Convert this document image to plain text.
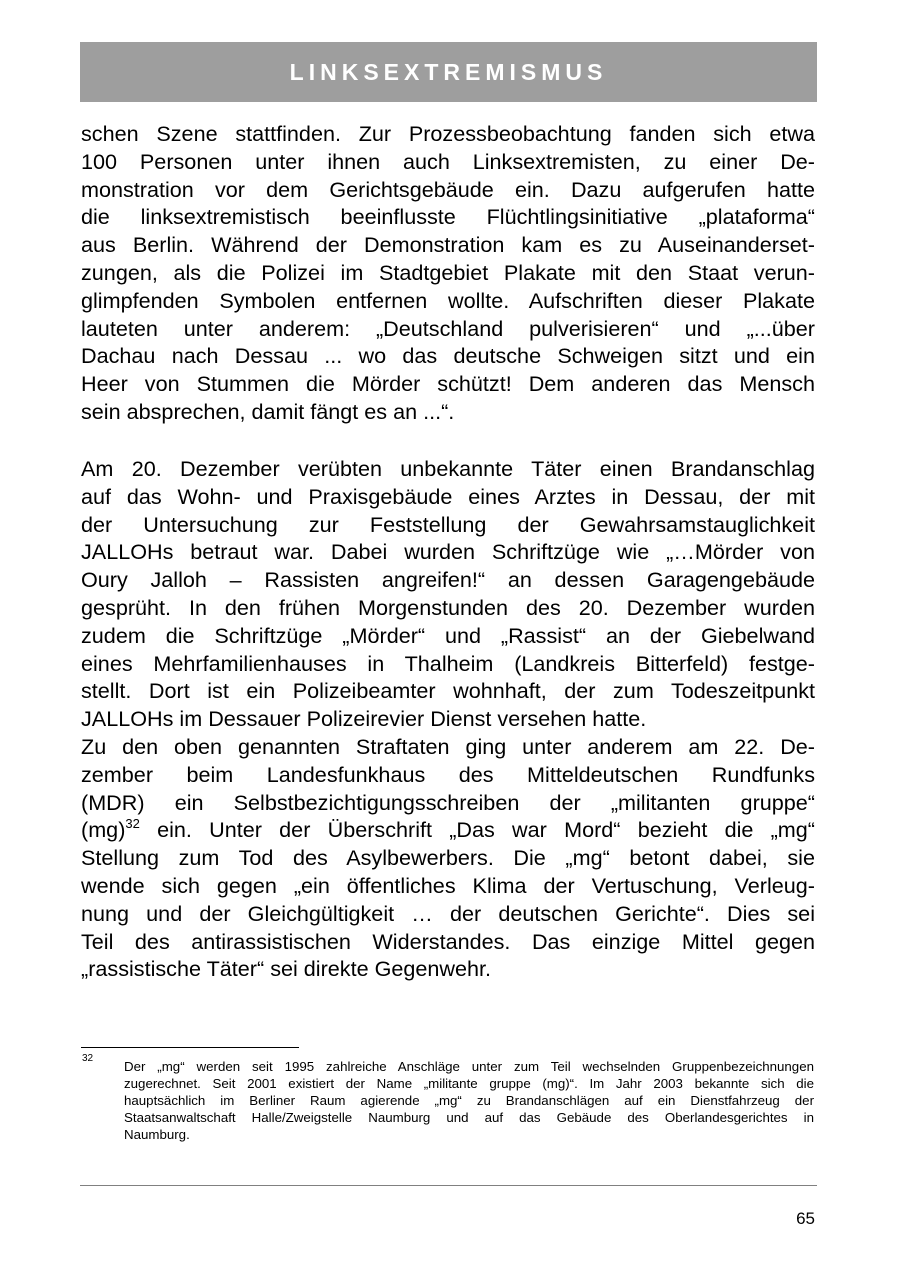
LINKSEXTREMISMUS

schen Szene stattfinden. Zur Prozessbeobachtung fanden sich etwa
100 Personen unter ihnen auch Linksextremisten, zu einer De-
monstration vor dem Gerichtsgebäude ein. Dazu aufgerufen hatte
die linksextremistisch beeinflusste Flüchtlingsinitiative „plataforma“
aus Berlin. Während der Demonstration kam es zu Auseinanderset-
zungen, als die Polizei im Stadtgebiet Plakate mit den Staat verun-
glimpfenden Symbolen entfernen wollte. Aufschriften dieser Plakate
lauteten unter anderem: „Deutschland pulverisieren“ und „...über
Dachau nach Dessau ... wo das deutsche Schweigen sitzt und ein
Heer von Stummen die Mörder schützt! Dem anderen das Mensch
sein absprechen, damit fängt es an ...“.

Am 20. Dezember verübten unbekannte Täter einen Brandanschlag
auf das Wohn- und Praxisgebäude eines Arztes in Dessau, der mit
der Untersuchung zur Feststellung der Gewahrsamstauglichkeit
JALLOHs betraut war. Dabei wurden Schriftzüge wie „…Mörder von
Oury Jalloh – Rassisten angreifen!“ an dessen Garagengebäude
gesprüht. In den frühen Morgenstunden des 20. Dezember wurden
zudem die Schriftzüge „Mörder“ und „Rassist“ an der Giebelwand
eines Mehrfamilienhauses in Thalheim (Landkreis Bitterfeld) festge-
stellt. Dort ist ein Polizeibeamter wohnhaft, der zum Todeszeitpunkt
JALLOHs im Dessauer Polizeirevier Dienst versehen hatte.

Zu den oben genannten Straftaten ging unter anderem am 22. De-
zember beim Landesfunkhaus des Mitteldeutschen Rundfunks
(MDR) ein Selbstbezichtigungsschreiben der „militanten gruppe“
(mg)$^{32}$ ein. Unter der Überschrift „Das war Mord“ bezieht die „mg“
Stellung zum Tod des Asylbewerbers. Die „mg“ betont dabei, sie
wende sich gegen „ein öffentliches Klima der Vertuschung, Verleug-
nung und der Gleichgültigkeit … der deutschen Gerichte“. Dies sei
Teil des antirassistischen Widerstandes. Das einzige Mittel gegen
„rassistische Täter“ sei direkte Gegenwehr.

32

Der „mg“ werden seit 1995 zahlreiche Anschläge unter zum Teil wechselnden Gruppenbezeichnungen
zugerechnet. Seit 2001 existiert der Name „militante gruppe (mg)“. Im Jahr 2003 bekannte sich die
hauptsächlich im Berliner Raum agierende „mg“ zu Brandanschlägen auf ein Dienstfahrzeug der
Staatsanwaltschaft Halle/Zweigstelle Naumburg und auf das Gebäude des Oberlandesgerichtes in
Naumburg.

65
